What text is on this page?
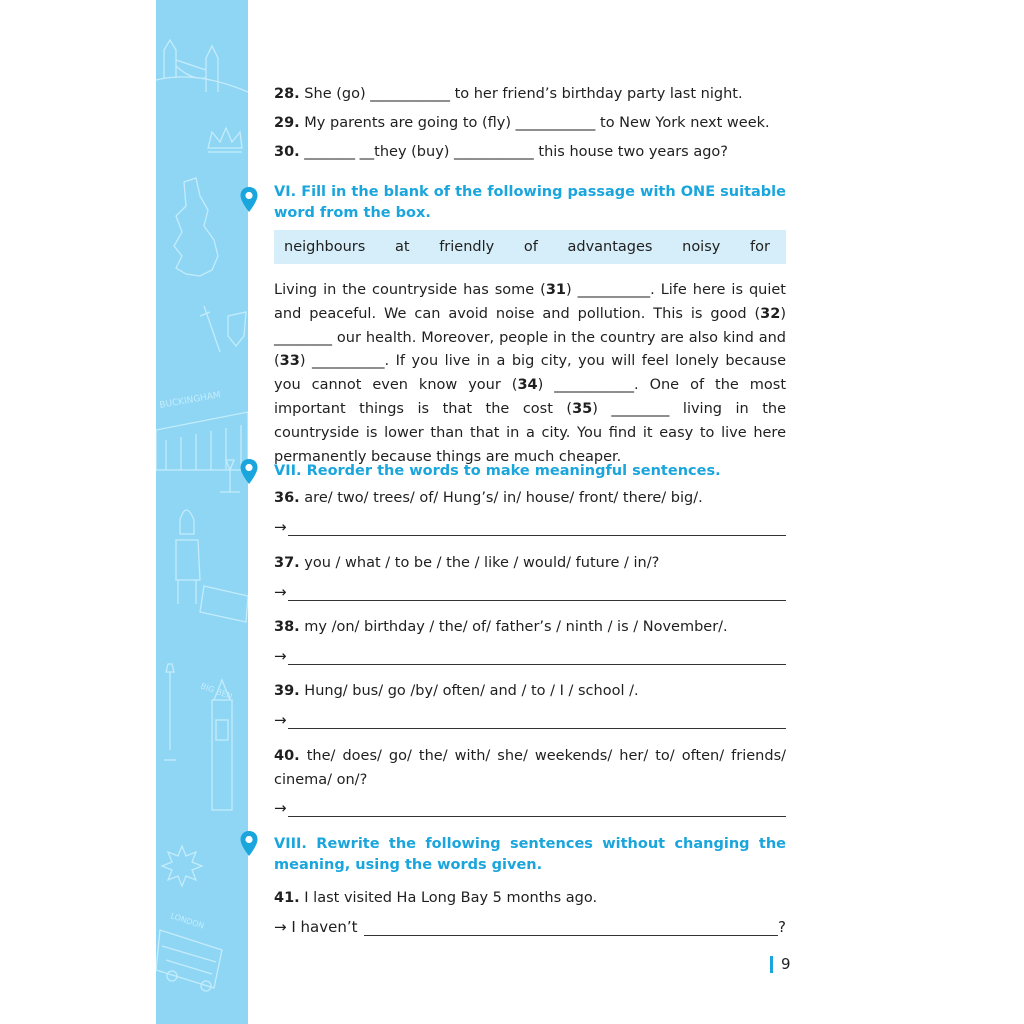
BUCKINGHAM
BIG BEN
LONDON
28. She (go) ___________ to her friend’s birthday party last night.
29. My parents are going to (fly) ___________ to New York next week.
30. _______ __they (buy) ___________ this house two years ago?
VI. Fill in the blank of the following passage with ONE suitable word from the box.
neighbours at friendly of advantages noisy for
Living in the countryside has some (31) __________. Life here is quiet and peaceful. We can avoid noise and pollution. This is good (32) ________ our health. Moreover, people in the country are also kind and (33) __________. If you live in a big city, you will feel lonely because you cannot even know your (34) ___________. One of the most important things is that the cost (35) ________ living in the countryside is lower than that in a city. You find it easy to live here permanently because things are much cheaper.
VII. Reorder the words to make meaningful sentences.
36. are/ two/ trees/ of/ Hung’s/ in/ house/ front/ there/ big/.
→
37. you / what / to be / the / like / would/ future / in/?
→
38. my /on/ birthday / the/ of/ father’s / ninth / is / November/.
→
39. Hung/ bus/ go /by/ often/ and / to / I / school /.
→
40. the/ does/ go/ the/ with/ she/ weekends/ her/ to/ often/ friends/
cinema/ on/?
→
VIII. Rewrite the following sentences without changing the meaning, using the words given.
41. I last visited Ha Long Bay 5 months ago.
→ I haven’t	?
9
